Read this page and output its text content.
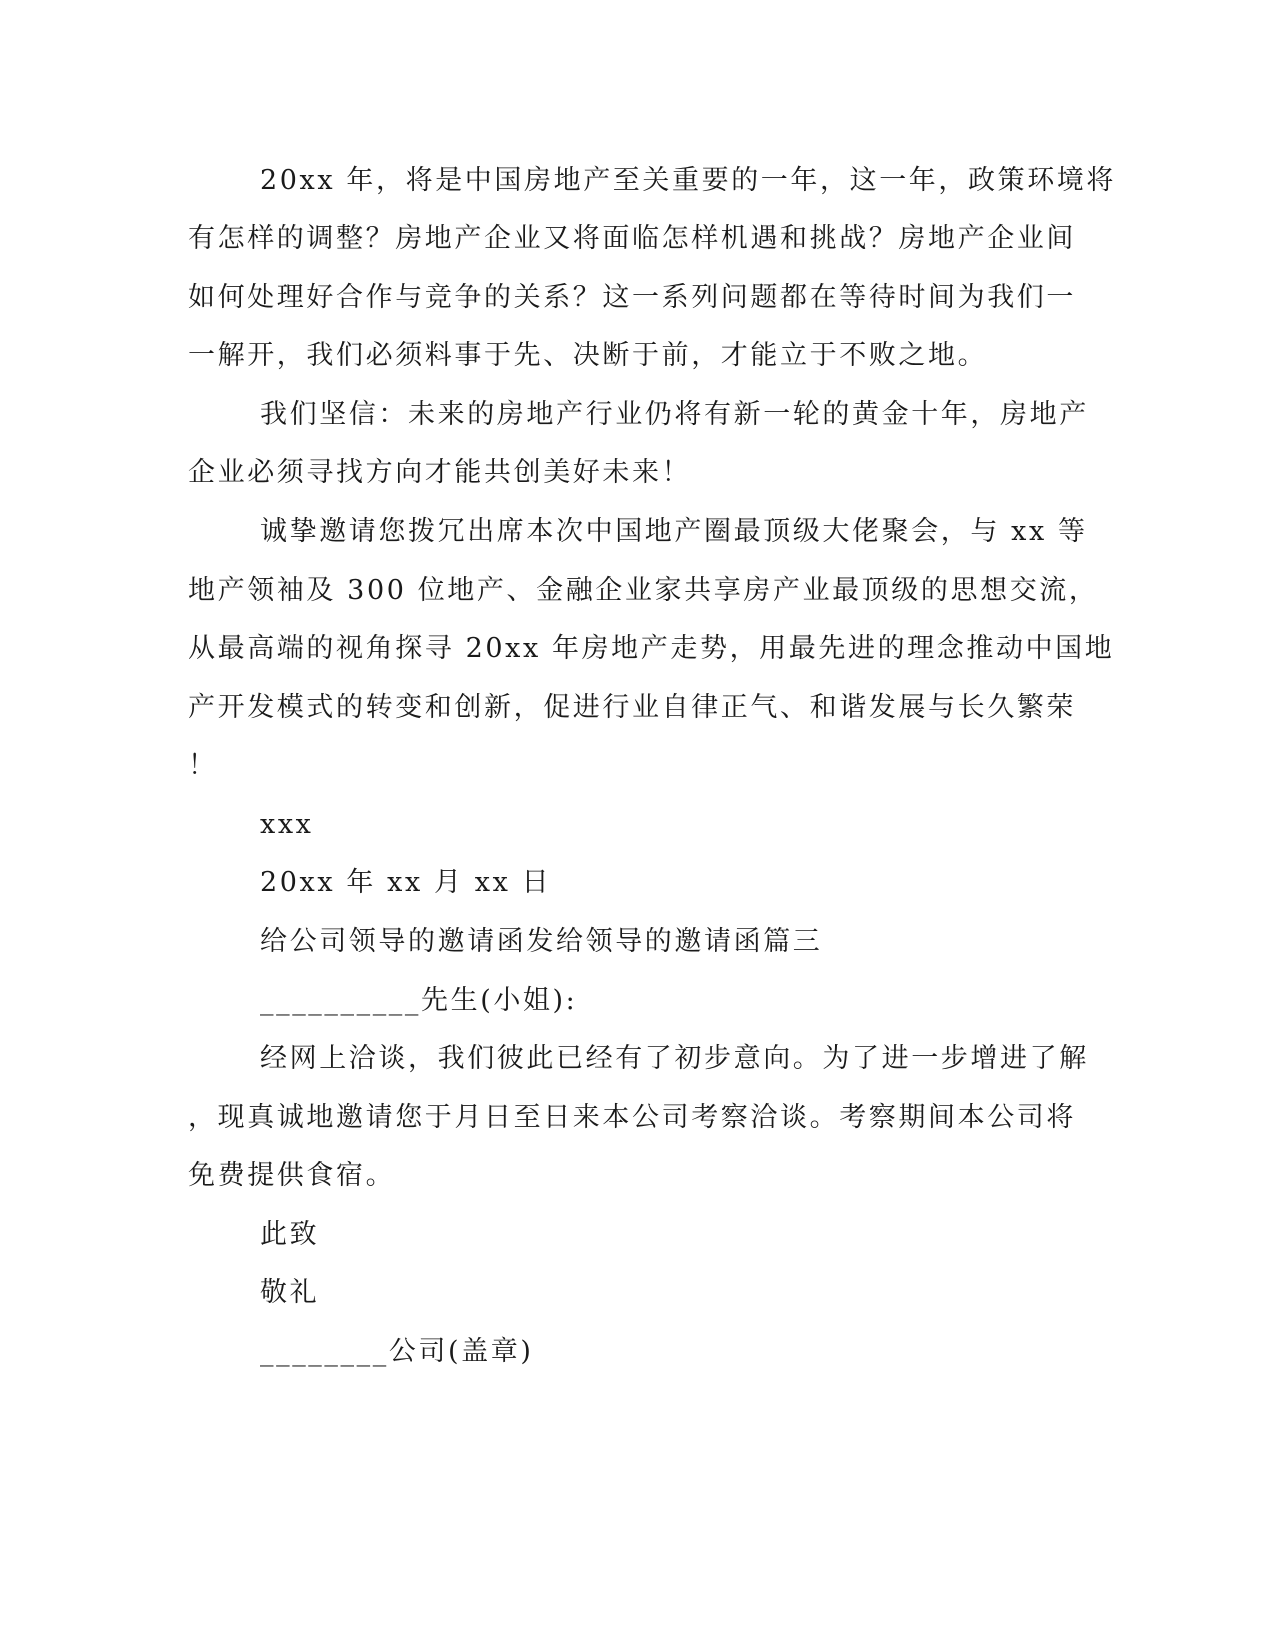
20xx 年，将是中国房地产至关重要的一年，这一年，政策环境将
有怎样的调整？房地产企业又将面临怎样机遇和挑战？房地产企业间
如何处理好合作与竞争的关系？这一系列问题都在等待时间为我们一
一解开，我们必须料事于先、决断于前，才能立于不败之地。
我们坚信：未来的房地产行业仍将有新一轮的黄金十年，房地产
企业必须寻找方向才能共创美好未来！
诚挚邀请您拨冗出席本次中国地产圈最顶级大佬聚会，与 xx 等
地产领袖及 300 位地产、金融企业家共享房产业最顶级的思想交流，
从最高端的视角探寻 20xx 年房地产走势，用最先进的理念推动中国地
产开发模式的转变和创新，促进行业自律正气、和谐发展与长久繁荣
！
xxx
20xx 年 xx 月 xx 日
给公司领导的邀请函发给领导的邀请函篇三
__________先生(小姐):
经网上洽谈，我们彼此已经有了初步意向。为了进一步增进了解
，现真诚地邀请您于月日至日来本公司考察洽谈。考察期间本公司将
免费提供食宿。
此致
敬礼
________公司(盖章)
